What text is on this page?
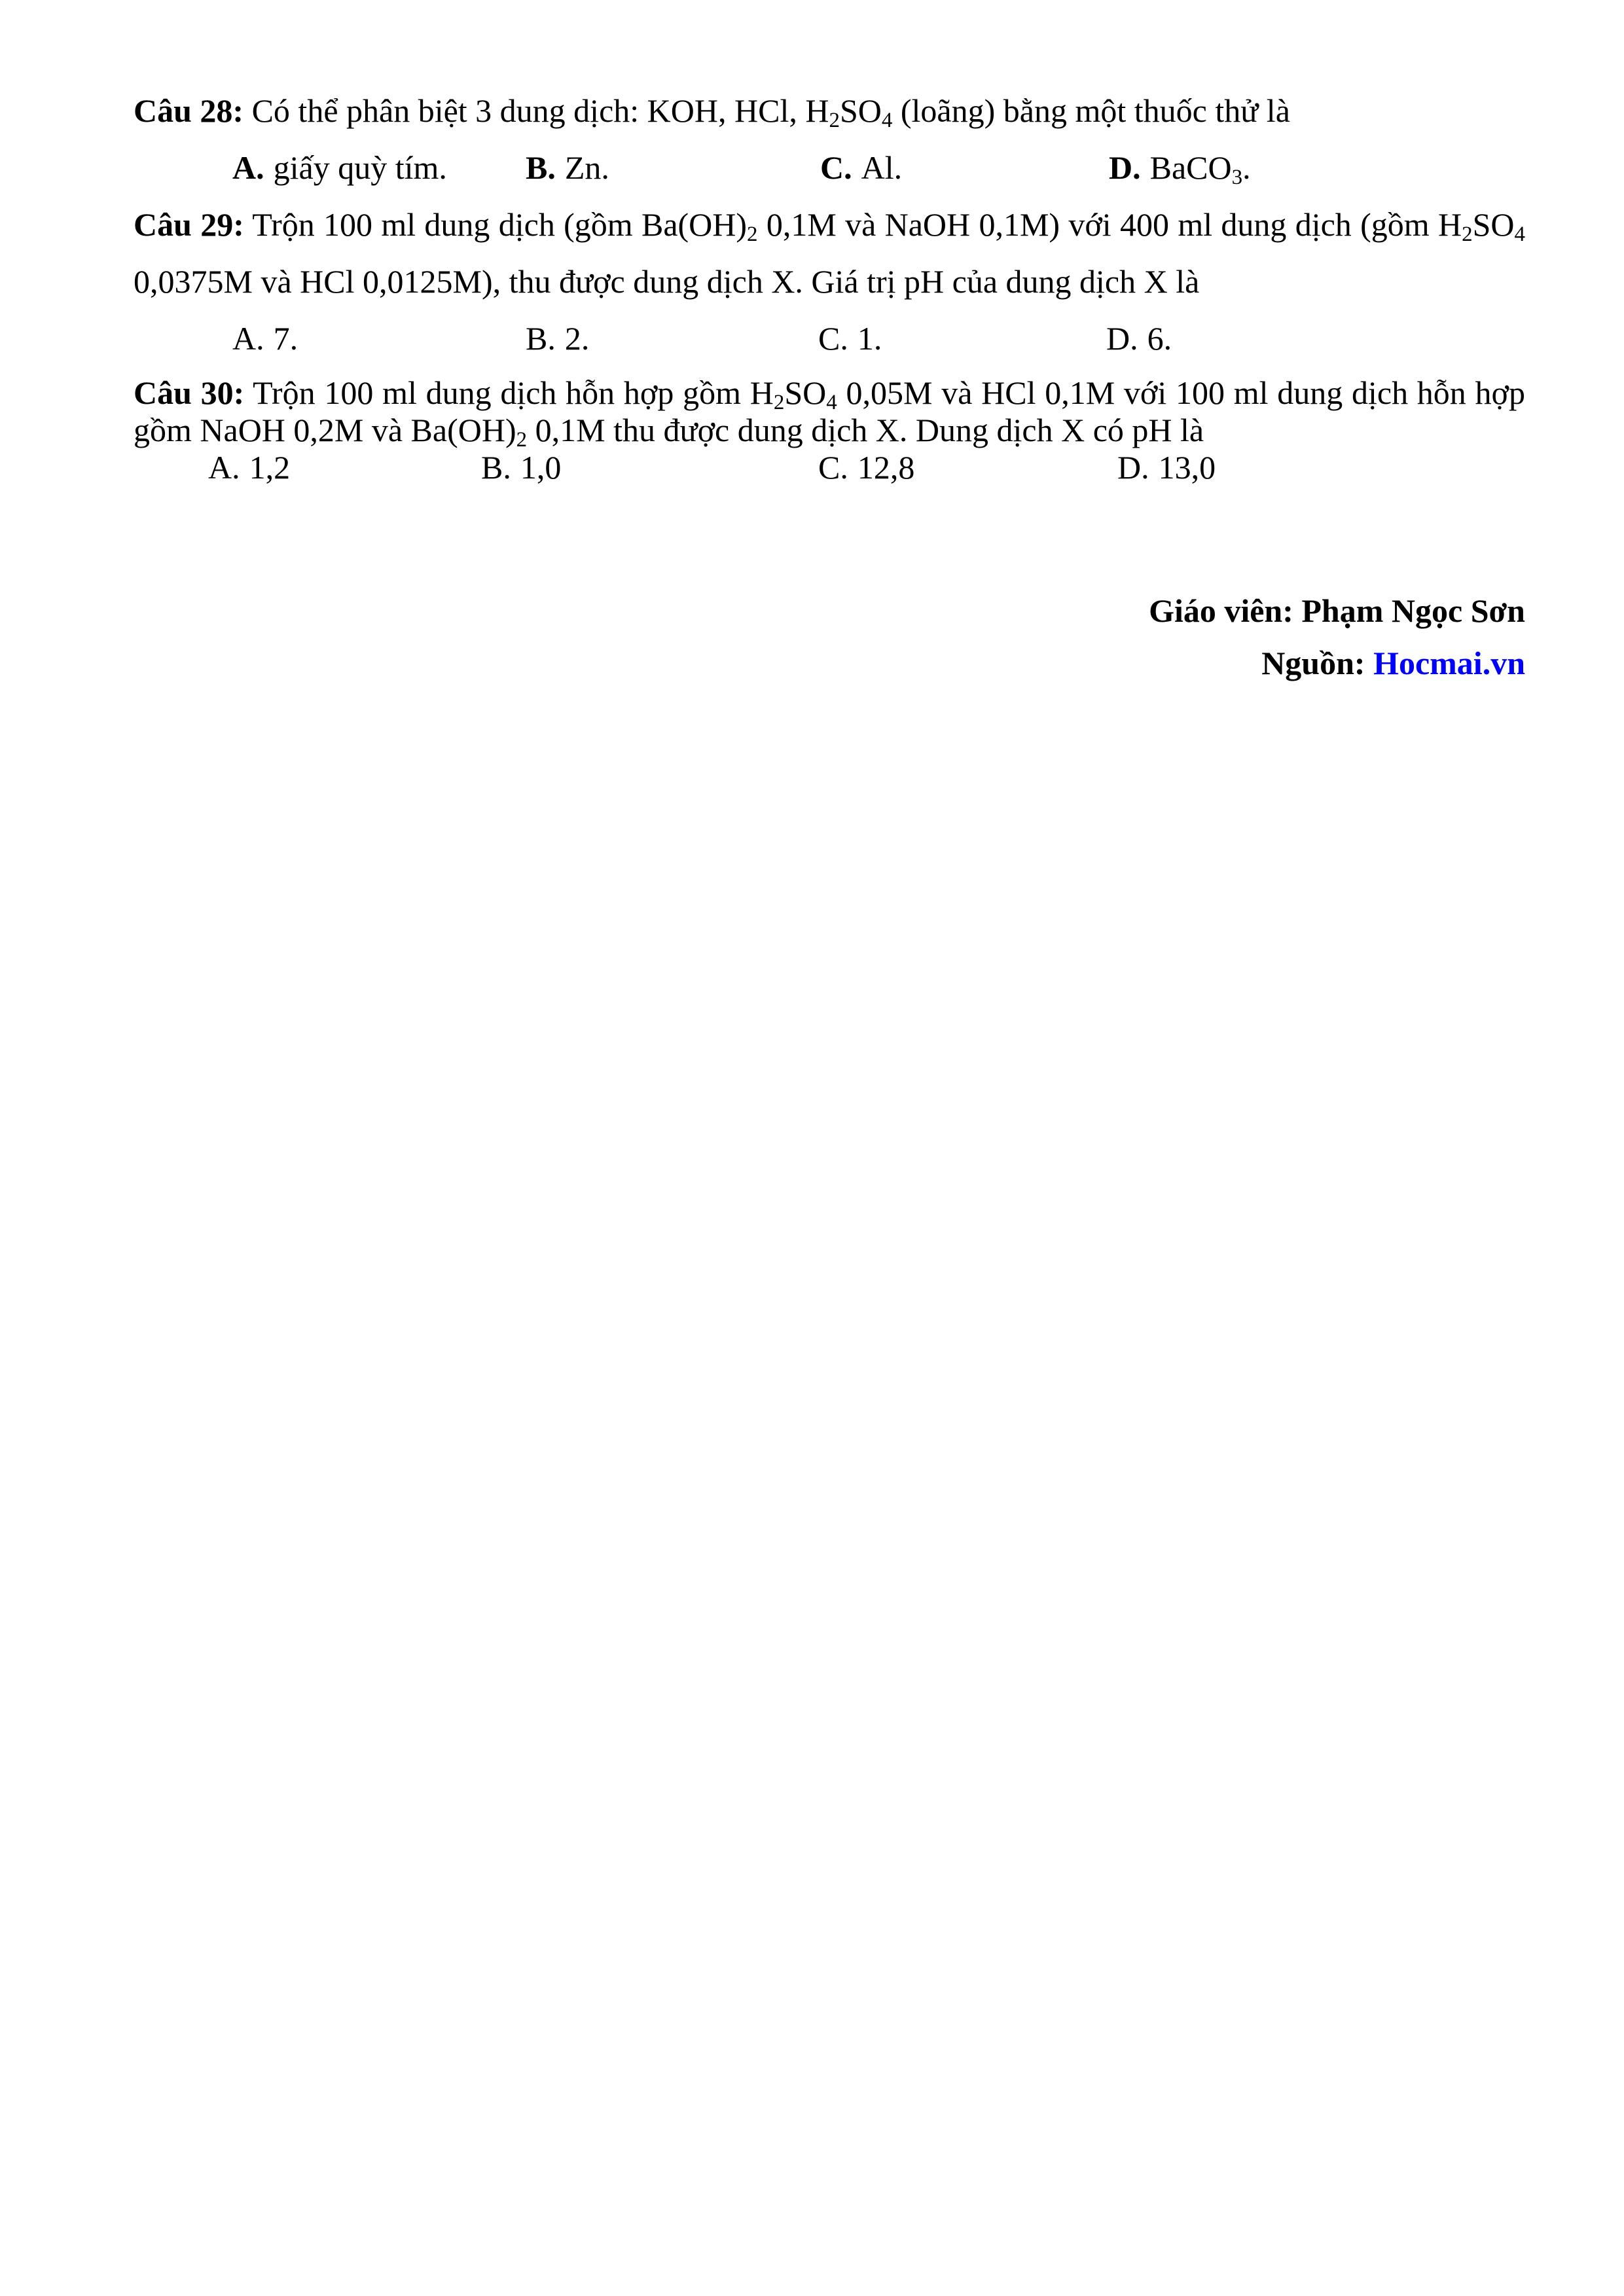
Câu 28: Có thể phân biệt 3 dung dịch: KOH, HCl, $H_2SO_4$ (loãng) bằng một thuốc thử là
A. giấy quỳ tím. B. Zn.	C. Al.	D. BaCO$_3$.
Câu 29: Trộn 100 ml dung dịch (gồm $Ba(OH)_2$ 0,1M và NaOH 0,1M) với 400 ml dung dịch (gồm $H_2SO_4$
0,0375M và HCl 0,0125M), thu được dung dịch X. Giá trị pH của dung dịch X là
A. 7.	B. 2.	C. 1.	D. 6.
Câu 30: Trộn 100 ml dung dịch hỗn hợp gồm $H_2SO_4$ 0,05M và HCl 0,1M với 100 ml dung dịch hỗn hợp
gồm NaOH 0,2M và $Ba(OH)_2$ 0,1M thu được dung dịch X. Dung dịch X có pH là
A. 1,2	B. 1,0	C. 12,8	D. 13,0
Giáo viên: Phạm Ngọc Sơn
Nguồn: Hocmai.vn
